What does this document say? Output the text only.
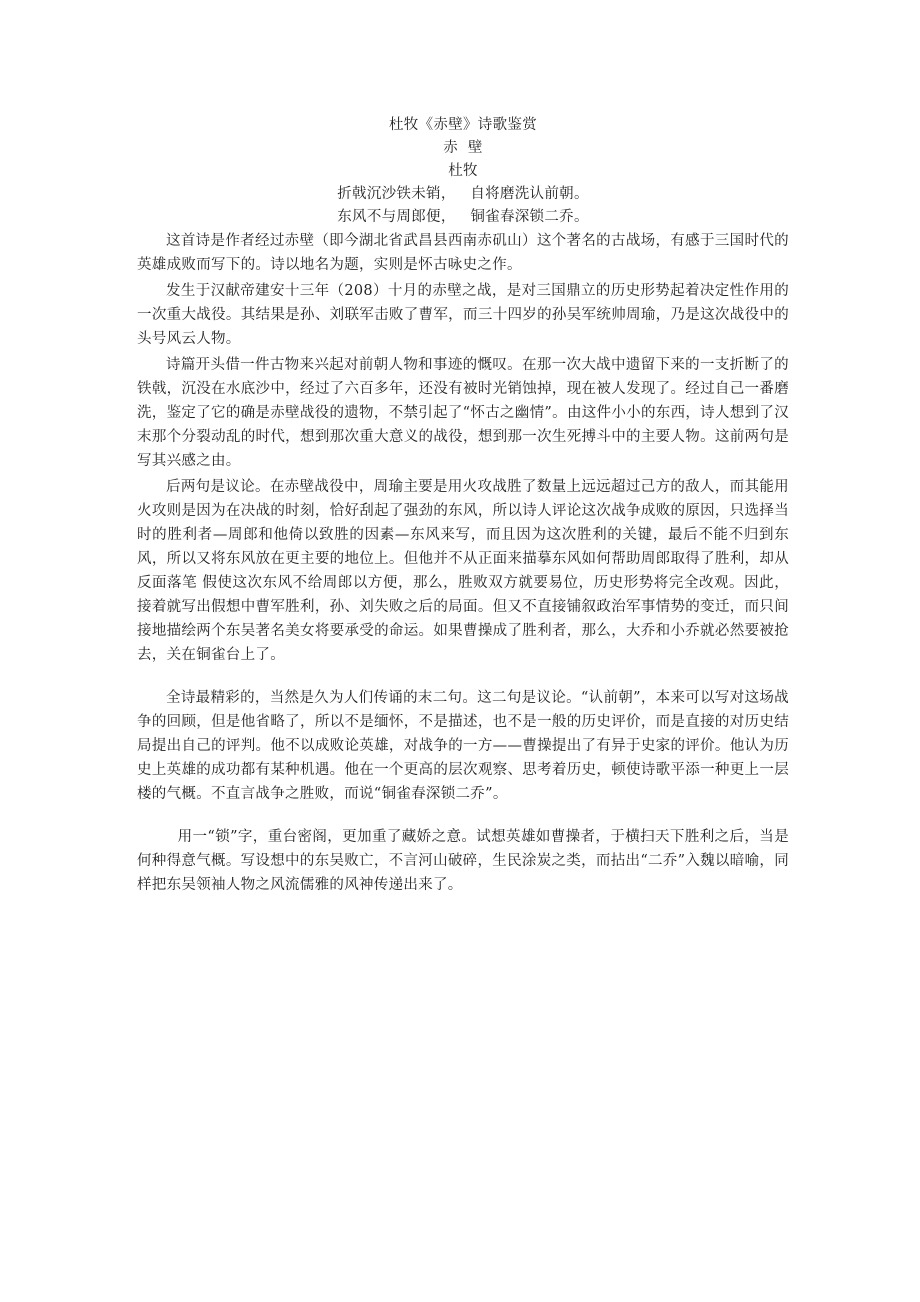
杜牧《赤壁》诗歌鉴赏
赤  壁
杜牧
折戟沉沙铁未销，   自将磨洗认前朝。
东风不与周郎便，   铜雀春深锁二乔。

这首诗是作者经过赤壁（即今湖北省武昌县西南赤矶山）这个著名的古战场，有感于三国时代的英雄成败而写下的。诗以地名为题，实则是怀古咏史之作。

发生于汉献帝建安十三年（208）十月的赤壁之战，是对三国鼎立的历史形势起着决定性作用的一次重大战役。其结果是孙、刘联军击败了曹军，而三十四岁的孙吴军统帅周瑜，乃是这次战役中的头号风云人物。

诗篇开头借一件古物来兴起对前朝人物和事迹的慨叹。在那一次大战中遗留下来的一支折断了的铁戟，沉没在水底沙中，经过了六百多年，还没有被时光销蚀掉，现在被人发现了。经过自己一番磨洗，鉴定了它的确是赤壁战役的遗物，不禁引起了“怀古之幽情”。由这件小小的东西，诗人想到了汉末那个分裂动乱的时代，想到那次重大意义的战役，想到那一次生死搏斗中的主要人物。这前两句是写其兴感之由。

后两句是议论。在赤壁战役中，周瑜主要是用火攻战胜了数量上远远超过己方的敌人，而其能用火攻则是因为在决战的时刻，恰好刮起了强劲的东风，所以诗人评论这次战争成败的原因，只选择当时的胜利者—周郎和他倚以致胜的因素—东风来写，而且因为这次胜利的关键，最后不能不归到东风，所以又将东风放在更主要的地位上。但他并不从正面来描摹东风如何帮助周郎取得了胜利，却从反面落笔 假使这次东风不给周郎以方便，那么，胜败双方就要易位，历史形势将完全改观。因此，接着就写出假想中曹军胜利，孙、刘失败之后的局面。但又不直接铺叙政治军事情势的变迁，而只间接地描绘两个东吴著名美女将要承受的命运。如果曹操成了胜利者，那么，大乔和小乔就必然要被抢去，关在铜雀台上了。

全诗最精彩的，当然是久为人们传诵的末二句。这二句是议论。“认前朝”，本来可以写对这场战争的回顾，但是他省略了，所以不是缅怀，不是描述，也不是一般的历史评价，而是直接的对历史结局提出自己的评判。他不以成败论英雄，对战争的一方——曹操提出了有异于史家的评价。他认为历史上英雄的成功都有某种机遇。他在一个更高的层次观察、思考着历史，顿使诗歌平添一种更上一层楼的气概。不直言战争之胜败，而说“铜雀春深锁二乔”。

用一“锁”字，重台密阁，更加重了藏娇之意。试想英雄如曹操者，于横扫天下胜利之后，当是何种得意气概。写设想中的东吴败亡，不言河山破碎，生民涂炭之类，而拈出“二乔”入魏以暗喻，同样把东吴领袖人物之风流儒雅的风神传递出来了。
